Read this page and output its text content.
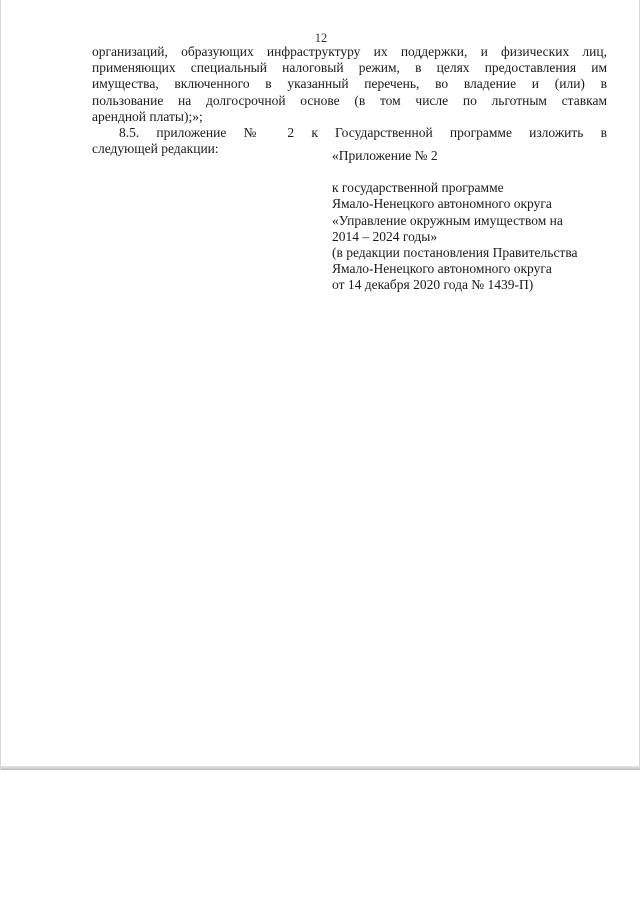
12
организаций, образующих инфраструктуру их поддержки, и физических лиц,
применяющих специальный налоговый режим, в целях предоставления им
имущества, включенного в указанный перечень, во владение и (или) в
пользование на долгосрочной основе (в том числе по льготным ставкам
арендной платы);»;
8.5. приложение № 2 к Государственной программе изложить в
следующей редакции:	«Приложение № 2
к государственной программе
Ямало-Ненецкого автономного округа
«Управление окружным имуществом на
2014 – 2024 годы»
(в редакции постановления Правительства
Ямало-Ненецкого автономного округа
от 14 декабря 2020 года № 1439-П)
